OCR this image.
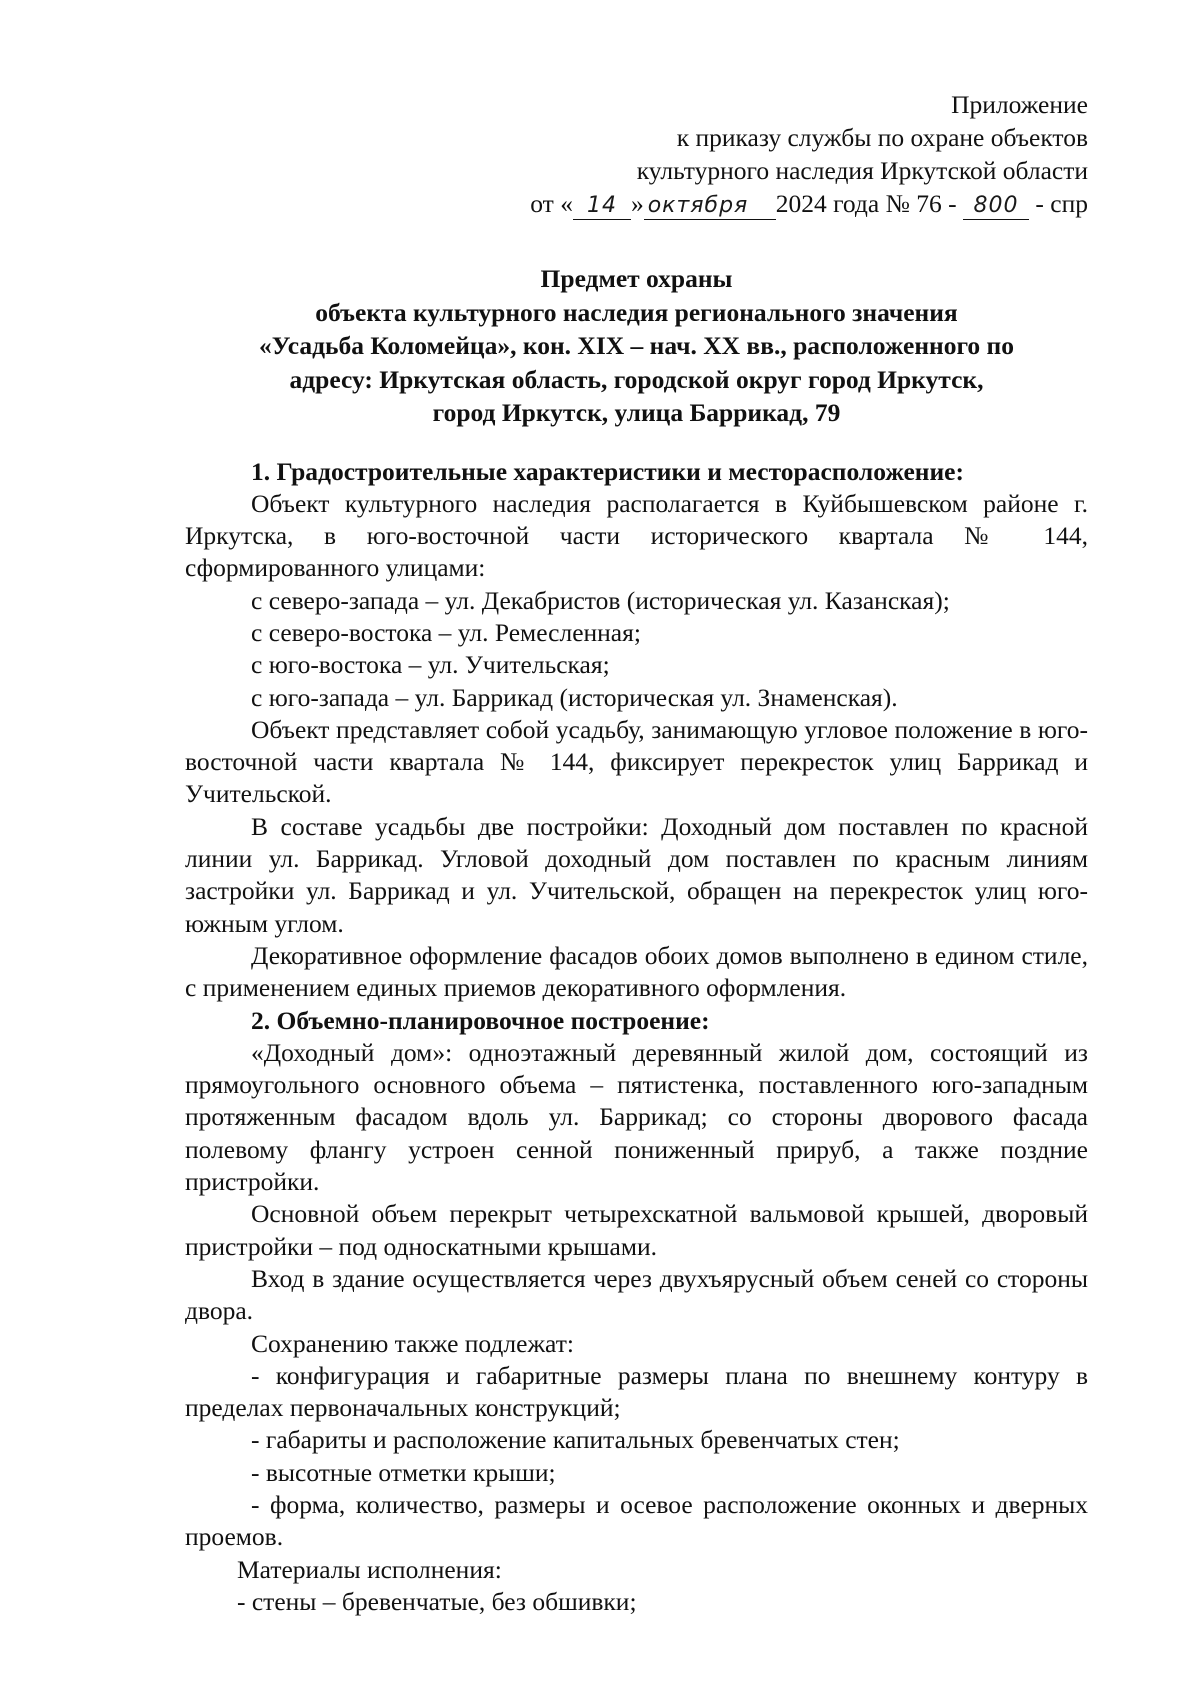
Приложение
к приказу службы по охране объектов
культурного наследия Иркутской области
от « 14 » октября 2024 года № 76 - 800 - спр
Предмет охраны
объекта культурного наследия регионального значения
«Усадьба Коломейца», кон. XIX – нач. XX вв., расположенного по
адресу: Иркутская область, городской округ город Иркутск,
город Иркутск, улица Баррикад, 79

1. Градостроительные характеристики и месторасположение:

Объект культурного наследия располагается в Куйбышевском районе г. Иркутска, в юго-восточной части исторического квартала № 144, сформированного улицами:

с северо-запада – ул. Декабристов (историческая ул. Казанская);

с северо-востока – ул. Ремесленная;

с юго-востока – ул. Учительская;

с юго-запада – ул. Баррикад (историческая ул. Знаменская).

Объект представляет собой усадьбу, занимающую угловое положение в юго-восточной части квартала № 144, фиксирует перекресток улиц Баррикад и Учительской.

В составе усадьбы две постройки: Доходный дом поставлен по красной линии ул. Баррикад. Угловой доходный дом поставлен по красным линиям застройки ул. Баррикад и ул. Учительской, обращен на перекресток улиц юго-южным углом.

Декоративное оформление фасадов обоих домов выполнено в едином стиле, с применением единых приемов декоративного оформления.

2. Объемно-планировочное построение:

«Доходный дом»: одноэтажный деревянный жилой дом, состоящий из прямоугольного основного объема – пятистенка, поставленного юго-западным протяженным фасадом вдоль ул. Баррикад; со стороны дворового фасада полевому флангу устроен сенной пониженный прируб, а также поздние пристройки.

Основной объем перекрыт четырехскатной вальмовой крышей, дворовый пристройки – под односкатными крышами.

Вход в здание осуществляется через двухъярусный объем сеней со стороны двора.

Сохранению также подлежат:

- конфигурация и габаритные размеры плана по внешнему контуру в пределах первоначальных конструкций;

- габариты и расположение капитальных бревенчатых стен;

- высотные отметки крыши;

- форма, количество, размеры и осевое расположение оконных и дверных проемов.

Материалы исполнения:

- стены – бревенчатые, без обшивки;
